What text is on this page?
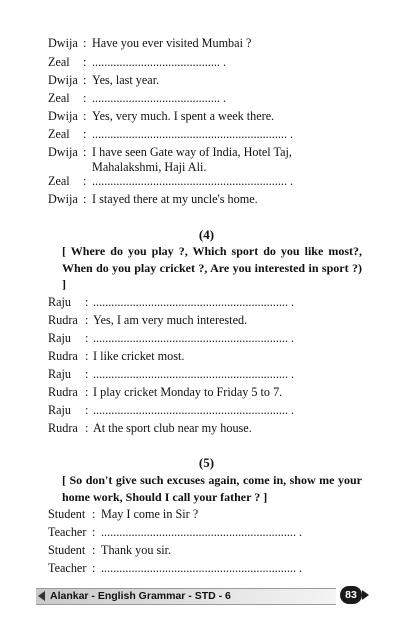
Dwija : Have you ever visited Mumbai ?
Zeal : .......................................... .
Dwija : Yes, last year.
Zeal : .......................................... .
Dwija : Yes, very much. I spent a week there.
Zeal : ................................................................ .
Dwija : I have seen Gate way of India, Hotel Taj,
Mahalakshmi, Haji Ali.
Zeal : ................................................................ .
Dwija : I stayed there at my uncle's home.
(4)
[ Where do you play ?, Which sport do you like most?, When do you play cricket ?, Are you interested in sport ?) ]
Raju : ................................................................ .
Rudra : Yes, I am very much interested.
Raju : ................................................................ .
Rudra : I like cricket most.
Raju : ................................................................ .
Rudra : I play cricket Monday to Friday 5 to 7.
Raju : ................................................................ .
Rudra : At the sport club near my house.
(5)
[ So don't give such excuses again, come in, show me your home work, Should I call your father ? ]
Student : May I come in Sir ?
Teacher : ................................................................ .
Student : Thank you sir.
Teacher : ................................................................ .
Alankar - English Grammar - STD - 6	83
